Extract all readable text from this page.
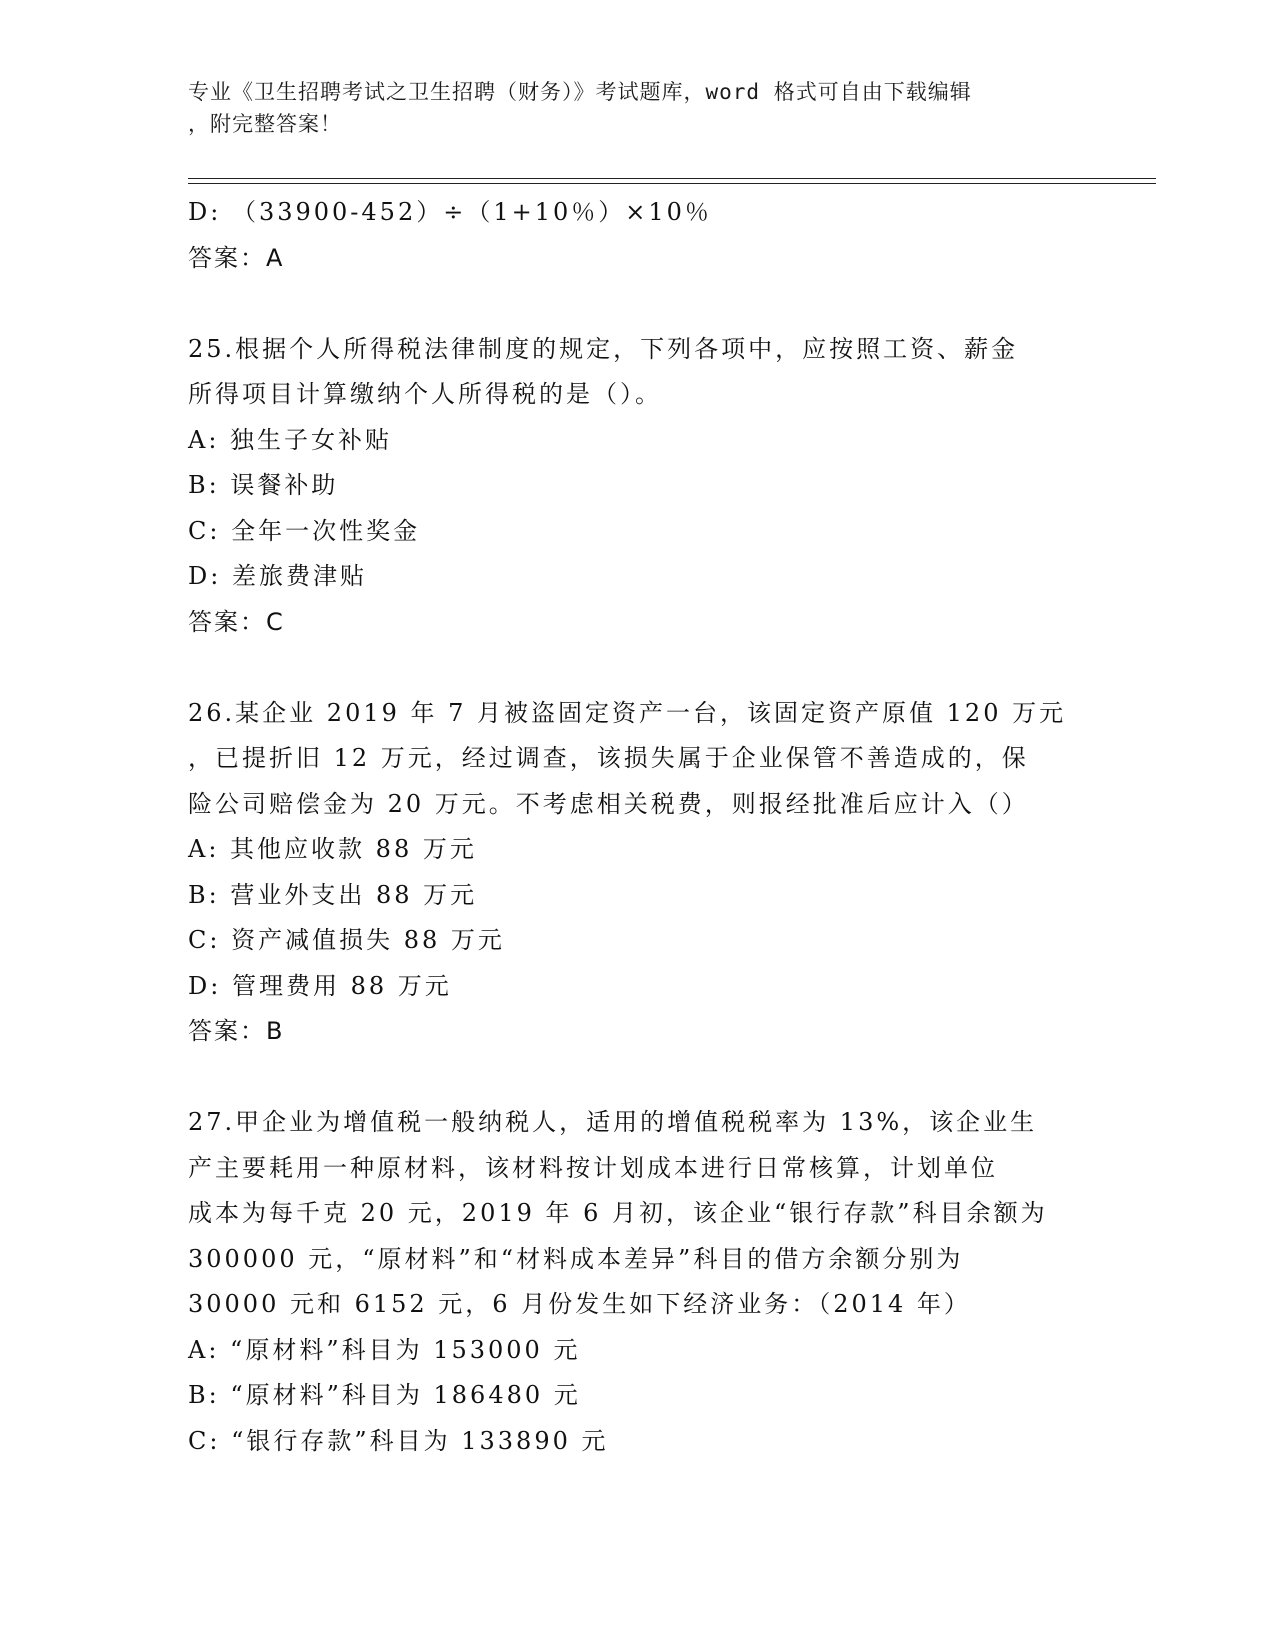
专业《卫生招聘考试之卫生招聘（财务）》考试题库，word 格式可自由下载编辑
，附完整答案！
D: （33900-452）÷（1+10％）×10％
答案：A
25.根据个人所得税法律制度的规定，下列各项中，应按照工资、薪金
所得项目计算缴纳个人所得税的是（）。
A: 独生子女补贴
B: 误餐补助
C: 全年一次性奖金
D: 差旅费津贴
答案：C
26.某企业 2019 年 7 月被盗固定资产一台，该固定资产原值 120 万元
，已提折旧 12 万元，经过调查，该损失属于企业保管不善造成的，保
险公司赔偿金为 20 万元。不考虑相关税费，则报经批准后应计入（）
A: 其他应收款 88 万元
B: 营业外支出 88 万元
C: 资产减值损失 88 万元
D: 管理费用 88 万元
答案：B
27.甲企业为增值税一般纳税人，适用的增值税税率为 13%，该企业生
产主要耗用一种原材料，该材料按计划成本进行日常核算，计划单位
成本为每千克 20 元，2019 年 6 月初，该企业“银行存款”科目余额为
300000 元，“原材料”和“材料成本差异”科目的借方余额分别为
30000 元和 6152 元，6 月份发生如下经济业务：（2014 年）
A: “原材料”科目为 153000 元
B: “原材料”科目为 186480 元
C: “银行存款”科目为 133890 元
